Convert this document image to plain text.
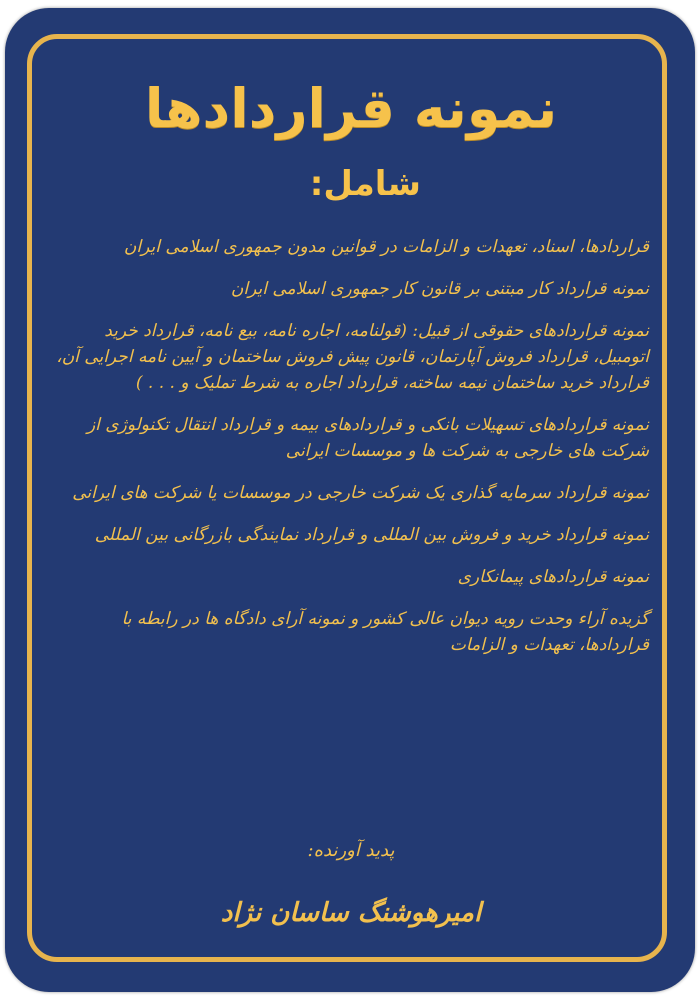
نمونه قراردادها
شامل:
قراردادها، اسناد، تعهدات و الزامات در قوانین مدون جمهوری اسلامی ایران
نمونه قرارداد کار مبتنی بر قانون کار جمهوری اسلامی ایران
نمونه قراردادهای حقوقی از قبیل: (قولنامه، اجاره نامه، بیع نامه، قرارداد خرید اتومبیل، قرارداد فروش آپارتمان، قانون پیش فروش ساختمان و آیین نامه اجرایی آن، قرارداد خرید ساختمان نیمه ساخته، قرارداد اجاره به شرط تملیک و . . . )
نمونه قراردادهای تسهیلات بانکی و قراردادهای بیمه و قرارداد انتقال تکنولوژی از شرکت های خارجی به شرکت ها و موسسات ایرانی
نمونه قرارداد سرمایه گذاری یک شرکت خارجی در موسسات یا شرکت های ایرانی
نمونه قرارداد خرید و فروش بین المللی و قرارداد نمایندگی بازرگانی بین المللی
نمونه قراردادهای پیمانکاری
گزیده آراء وحدت رویه دیوان عالی کشور و نمونه آرای دادگاه ها در رابطه با قراردادها، تعهدات و الزامات
پدید آورنده:
امیرهوشنگ ساسان نژاد
